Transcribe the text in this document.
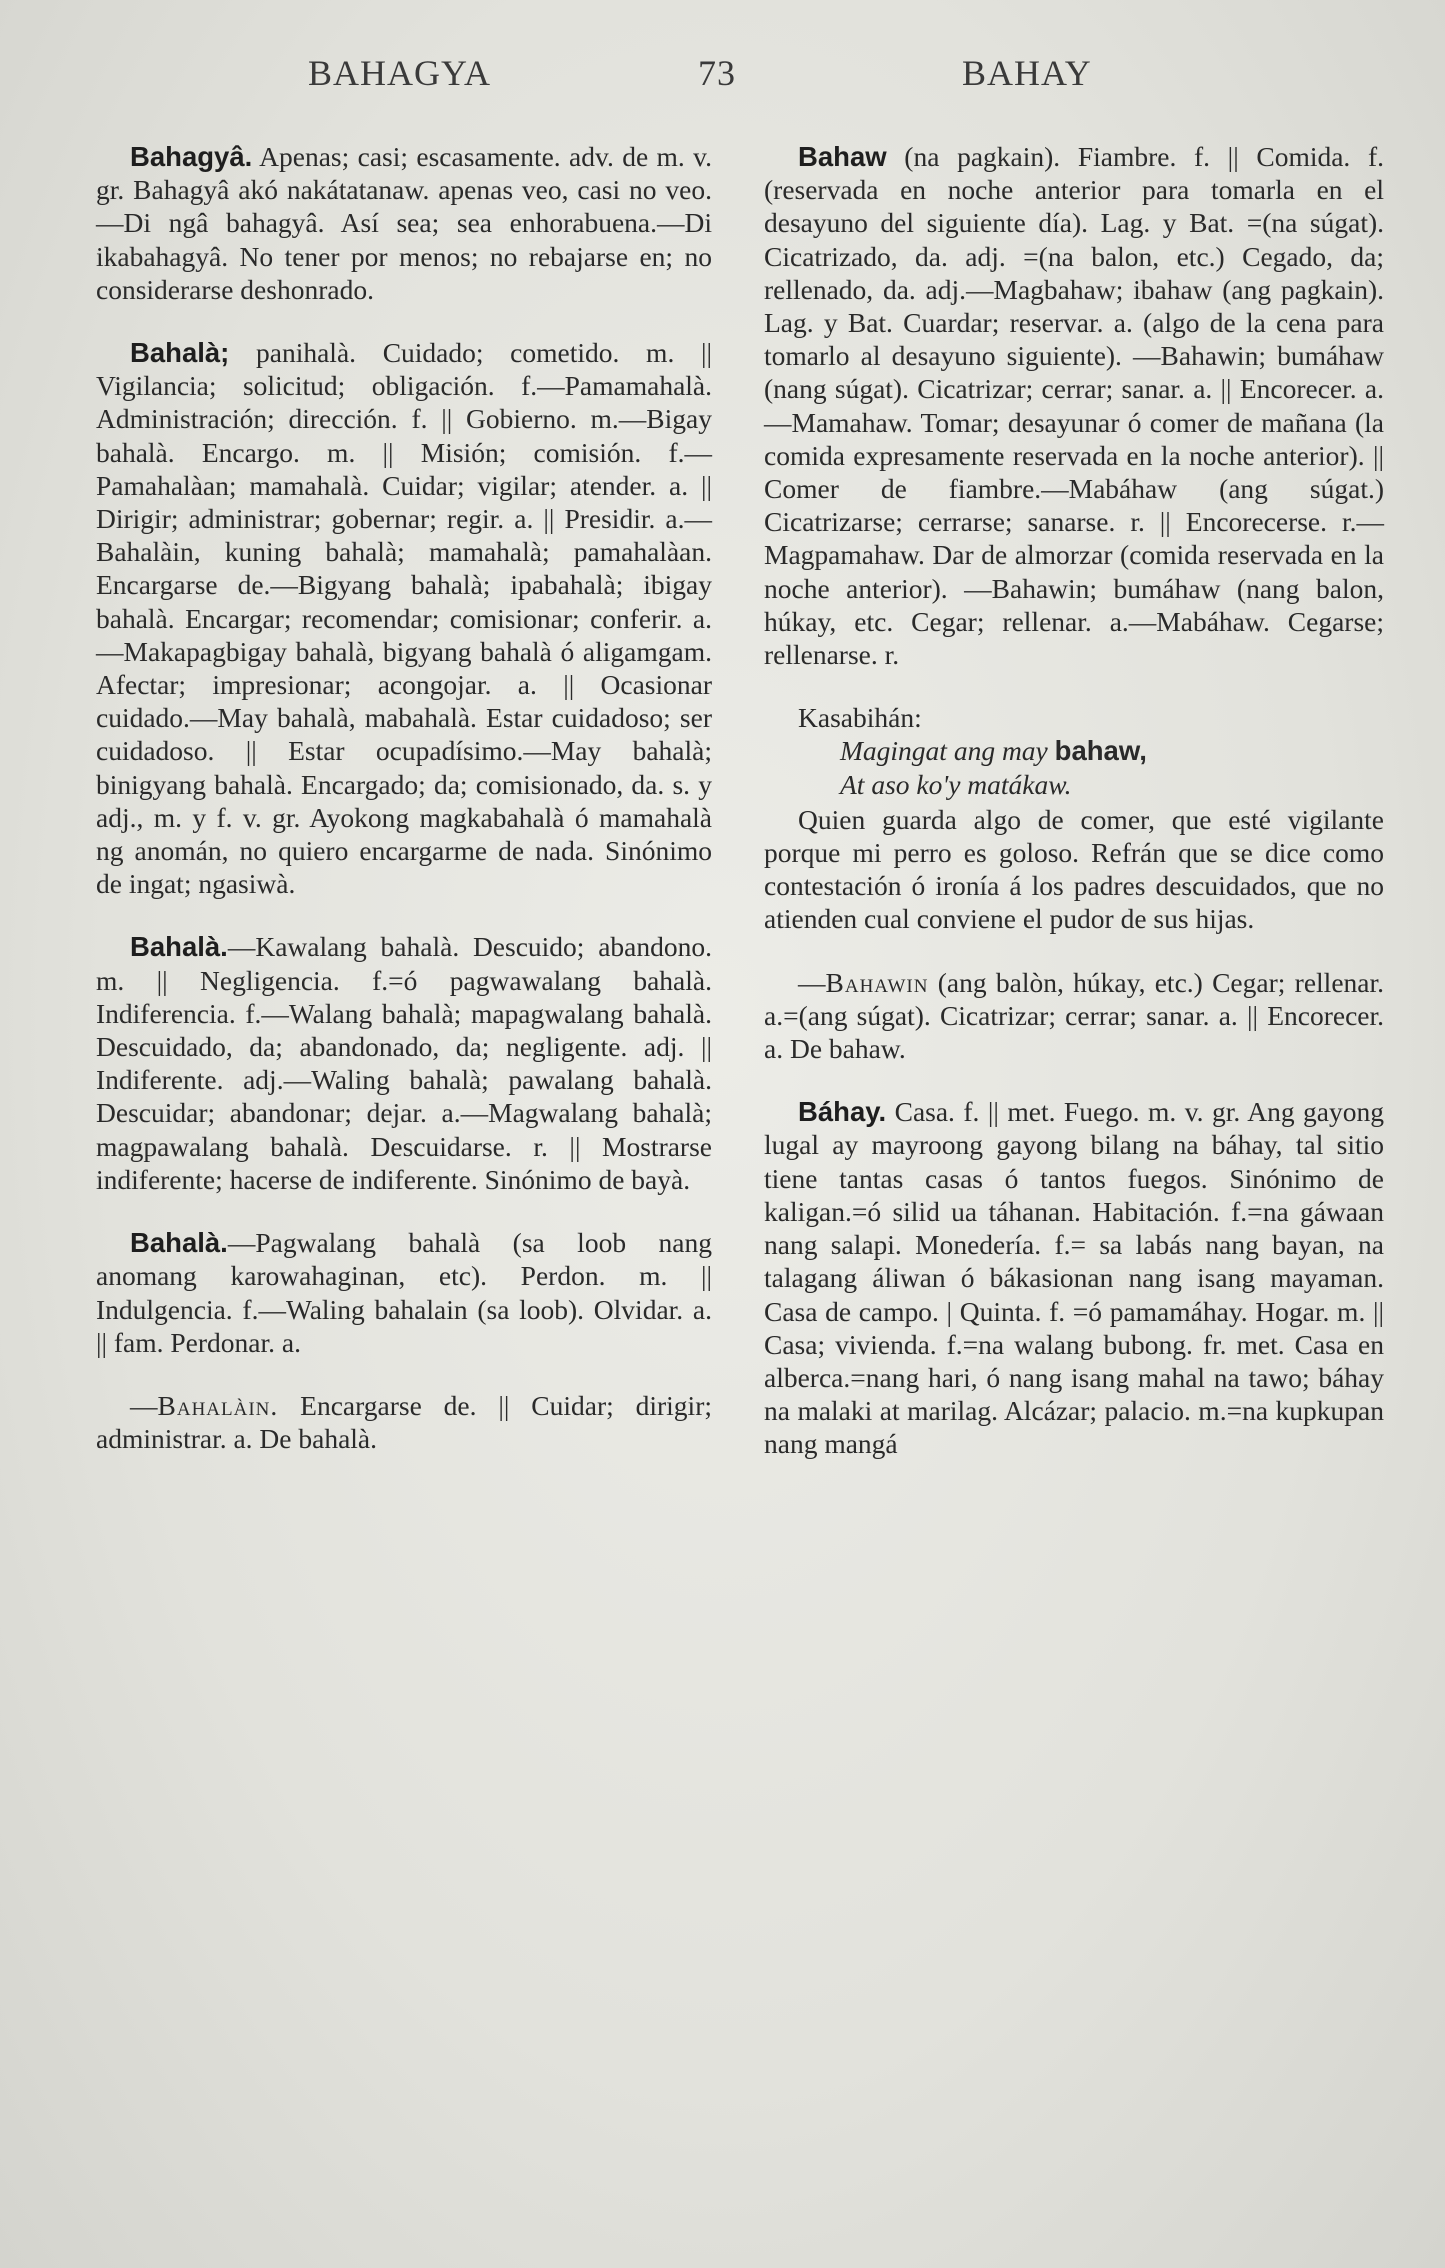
BAHAGYA	73	BAHAY

Bahagyâ. Apenas; casi; escasamente. adv. de m. v. gr. Bahagyâ akó nakátatanaw. apenas veo, casi no veo.—Di ngâ bahagyâ. Así sea; sea enhorabuena.—Di ikabahagyâ. No tener por menos; no rebajarse en; no considerarse deshonrado.

Bahalà; panihalà. Cuidado; cometido. m. || Vigilancia; solicitud; obligación. f.—Pamamahalà. Administración; dirección. f. || Gobierno. m.—Bigay bahalà. Encargo. m. || Misión; comisión. f.—Pamahalàan; mamahalà. Cuidar; vigilar; atender. a. || Dirigir; administrar; gobernar; regir. a. || Presidir. a.—Bahalàin, kuning bahalà; mamahalà; pamahalàan. Encargarse de.—Bigyang bahalà; ipabahalà; ibigay bahalà. Encargar; recomendar; comisionar; conferir. a.—Makapagbigay bahalà, bigyang bahalà ó aligamgam. Afectar; impresionar; acongojar. a. || Ocasionar cuidado.—May bahalà, mabahalà. Estar cuidadoso; ser cuidadoso. || Estar ocupadísimo.—May bahalà; binigyang bahalà. Encargado; da; comisionado, da. s. y adj., m. y f. v. gr. Ayokong magkabahalà ó mamahalà ng anomán, no quiero encargarme de nada. Sinónimo de ingat; ngasiwà.

Bahalà.—Kawalang bahalà. Descuido; abandono. m. || Negligencia. f.=ó pagwawalang bahalà. Indiferencia. f.—Walang bahalà; mapagwalang bahalà. Descuidado, da; abandonado, da; negligente. adj. || Indiferente. adj.—Waling bahalà; pawalang bahalà. Descuidar; abandonar; dejar. a.—Magwalang bahalà; magpawalang bahalà. Descuidarse. r. || Mostrarse indiferente; hacerse de indiferente. Sinónimo de bayà.

Bahalà.—Pagwalang bahalà (sa loob nang anomang karowahaginan, etc). Perdon. m. || Indulgencia. f.—Waling bahalain (sa loob). Olvidar. a. || fam. Perdonar. a.

—Bahalàin. Encargarse de. || Cuidar; dirigir; administrar. a. De bahalà.

Bahaw (na pagkain). Fiambre. f. || Comida. f. (reservada en noche anterior para tomarla en el desayuno del siguiente día). Lag. y Bat. =(na súgat). Cicatrizado, da. adj. =(na balon, etc.) Cegado, da; rellenado, da. adj.—Magbahaw; ibahaw (ang pagkain). Lag. y Bat. Cuardar; reservar. a. (algo de la cena para tomarlo al desayuno siguiente). —Bahawin; bumáhaw (nang súgat). Cicatrizar; cerrar; sanar. a. || Encorecer. a.—Mamahaw. Tomar; desayunar ó comer de mañana (la comida expresamente reservada en la noche anterior). || Comer de fiambre.—Mabáhaw (ang súgat.) Cicatrizarse; cerrarse; sanarse. r. || Encorecerse. r.—Magpamahaw. Dar de almorzar (comida reservada en la noche anterior). —Bahawin; bumáhaw (nang balon, húkay, etc. Cegar; rellenar. a.—Mabáhaw. Cegarse; rellenarse. r.

Kasabihán:
Magingat ang may bahaw,
At aso ko'y matákaw.
Quien guarda algo de comer, que esté vigilante porque mi perro es goloso. Refrán que se dice como contestación ó ironía á los padres descuidados, que no atienden cual conviene el pudor de sus hijas.

—Bahawin (ang balòn, húkay, etc.) Cegar; rellenar. a.=(ang súgat). Cicatrizar; cerrar; sanar. a. || Encorecer. a. De bahaw.

Báhay. Casa. f. || met. Fuego. m. v. gr. Ang gayong lugal ay mayroong gayong bilang na báhay, tal sitio tiene tantas casas ó tantos fuegos. Sinónimo de kaligan.=ó silid ua táhanan. Habitación. f.=na gáwaan nang salapi. Monedería. f.= sa labás nang bayan, na talagang áliwan ó bákasionan nang isang mayaman. Casa de campo. | Quinta. f. =ó pamamáhay. Hogar. m. || Casa; vivienda. f.=na walang bubong. fr. met. Casa en alberca.=nang hari, ó nang isang mahal na tawo; báhay na malaki at marilag. Alcázar; palacio. m.=na kupkupan nang mangá
